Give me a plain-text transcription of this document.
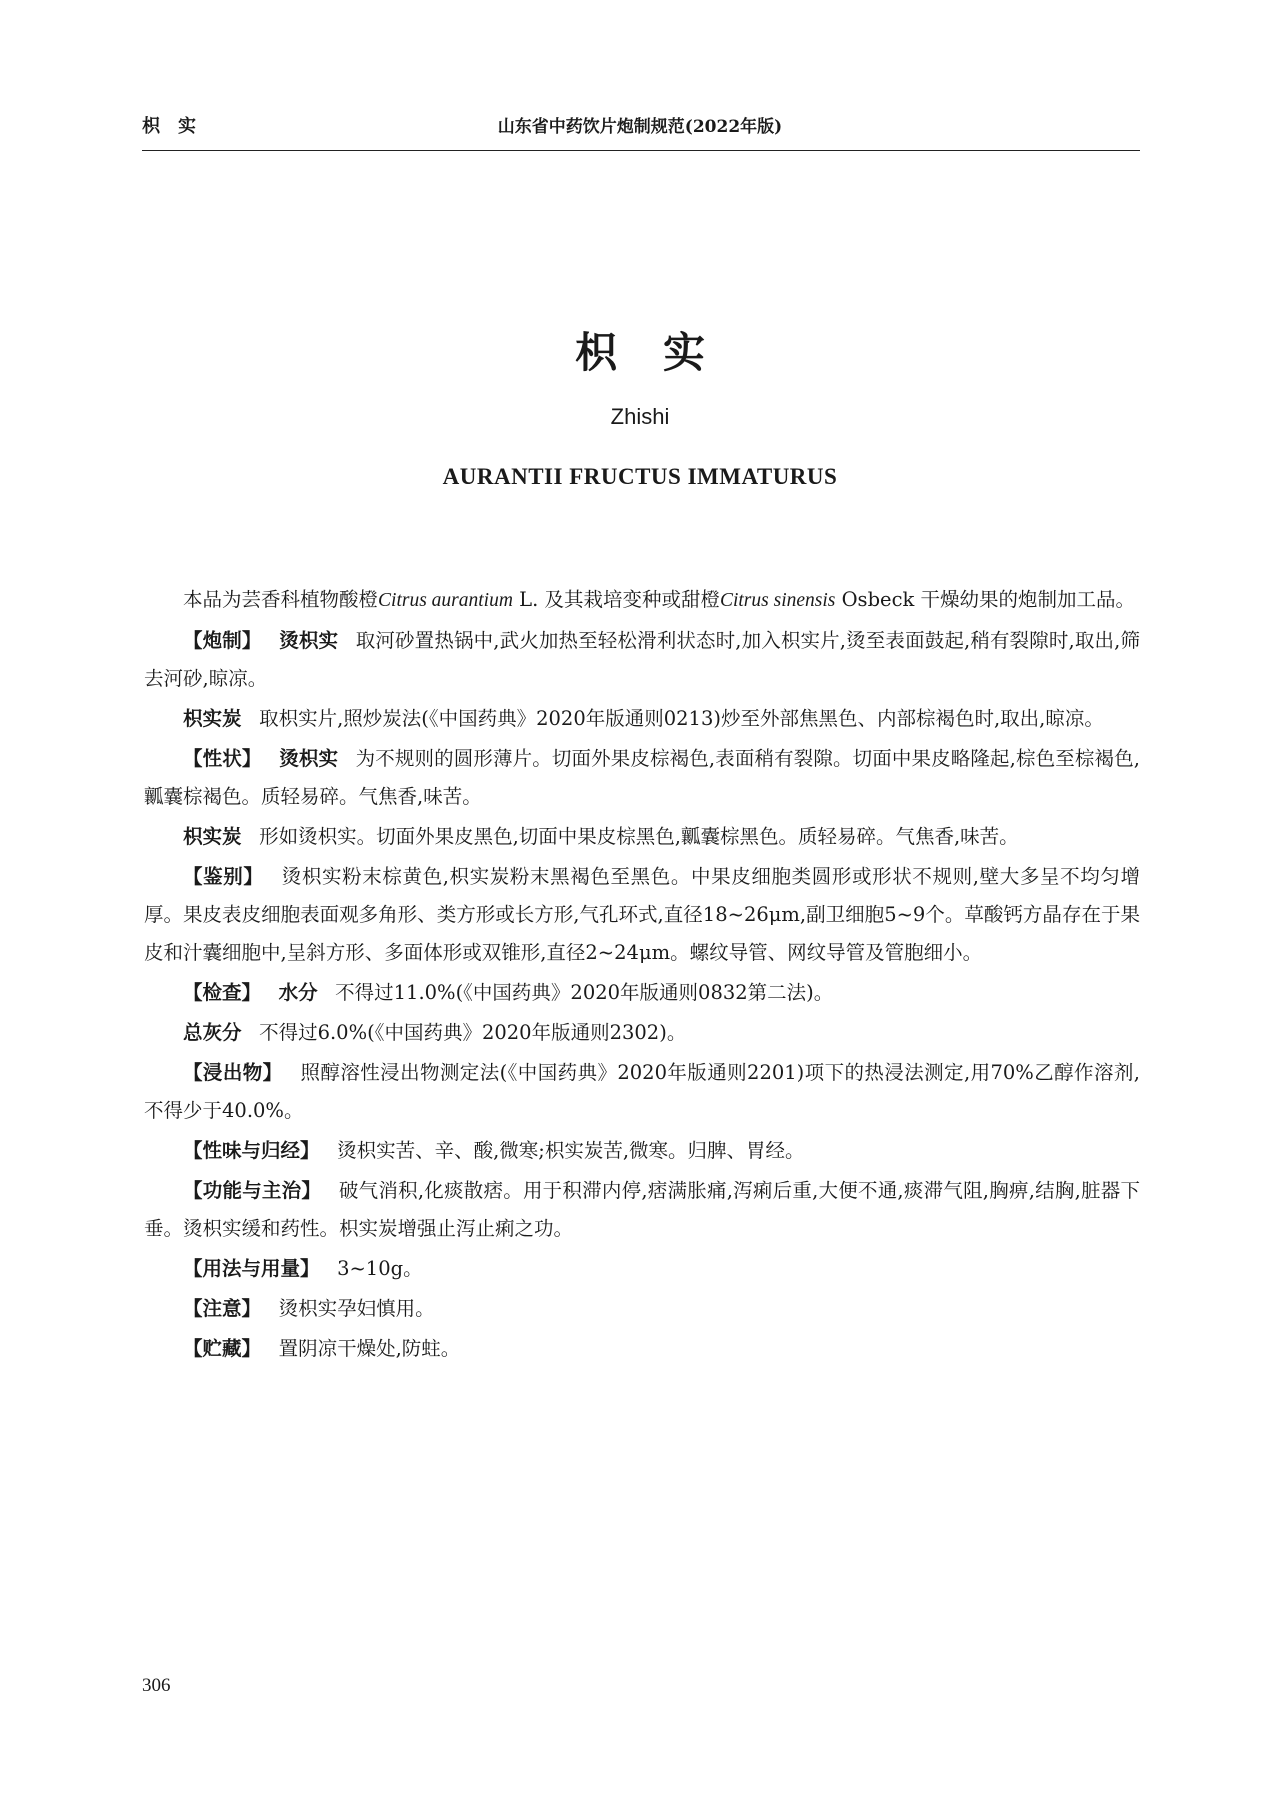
枳实	山东省中药饮片炮制规范(2022年版)
枳实
Zhishi
AURANTII FRUCTUS IMMATURUS

本品为芸香科植物酸橙Citrus aurantium L. 及其栽培变种或甜橙Citrus sinensis Osbeck 干燥幼果的炮制加工品。

【炮制】 烫枳实 取河砂置热锅中,武火加热至轻松滑利状态时,加入枳实片,烫至表面鼓起,稍有裂隙时,取出,筛去河砂,晾凉。

枳实炭 取枳实片,照炒炭法(《中国药典》2020年版通则0213)炒至外部焦黑色、内部棕褐色时,取出,晾凉。

【性状】 烫枳实 为不规则的圆形薄片。切面外果皮棕褐色,表面稍有裂隙。切面中果皮略隆起,棕色至棕褐色,瓤囊棕褐色。质轻易碎。气焦香,味苦。

枳实炭 形如烫枳实。切面外果皮黑色,切面中果皮棕黑色,瓤囊棕黑色。质轻易碎。气焦香,味苦。

【鉴别】 烫枳实粉末棕黄色,枳实炭粉末黑褐色至黑色。中果皮细胞类圆形或形状不规则,壁大多呈不均匀增厚。果皮表皮细胞表面观多角形、类方形或长方形,气孔环式,直径18~26μm,副卫细胞5~9个。草酸钙方晶存在于果皮和汁囊细胞中,呈斜方形、多面体形或双锥形,直径2~24μm。螺纹导管、网纹导管及管胞细小。

【检查】 水分 不得过11.0%(《中国药典》2020年版通则0832第二法)。

总灰分 不得过6.0%(《中国药典》2020年版通则2302)。

【浸出物】 照醇溶性浸出物测定法(《中国药典》2020年版通则2201)项下的热浸法测定,用70%乙醇作溶剂,不得少于40.0%。

【性味与归经】 烫枳实苦、辛、酸,微寒;枳实炭苦,微寒。归脾、胃经。

【功能与主治】 破气消积,化痰散痞。用于积滞内停,痞满胀痛,泻痢后重,大便不通,痰滞气阻,胸痹,结胸,脏器下垂。烫枳实缓和药性。枳实炭增强止泻止痢之功。

【用法与用量】 3~10g。

【注意】 烫枳实孕妇慎用。

【贮藏】 置阴凉干燥处,防蛀。

306
